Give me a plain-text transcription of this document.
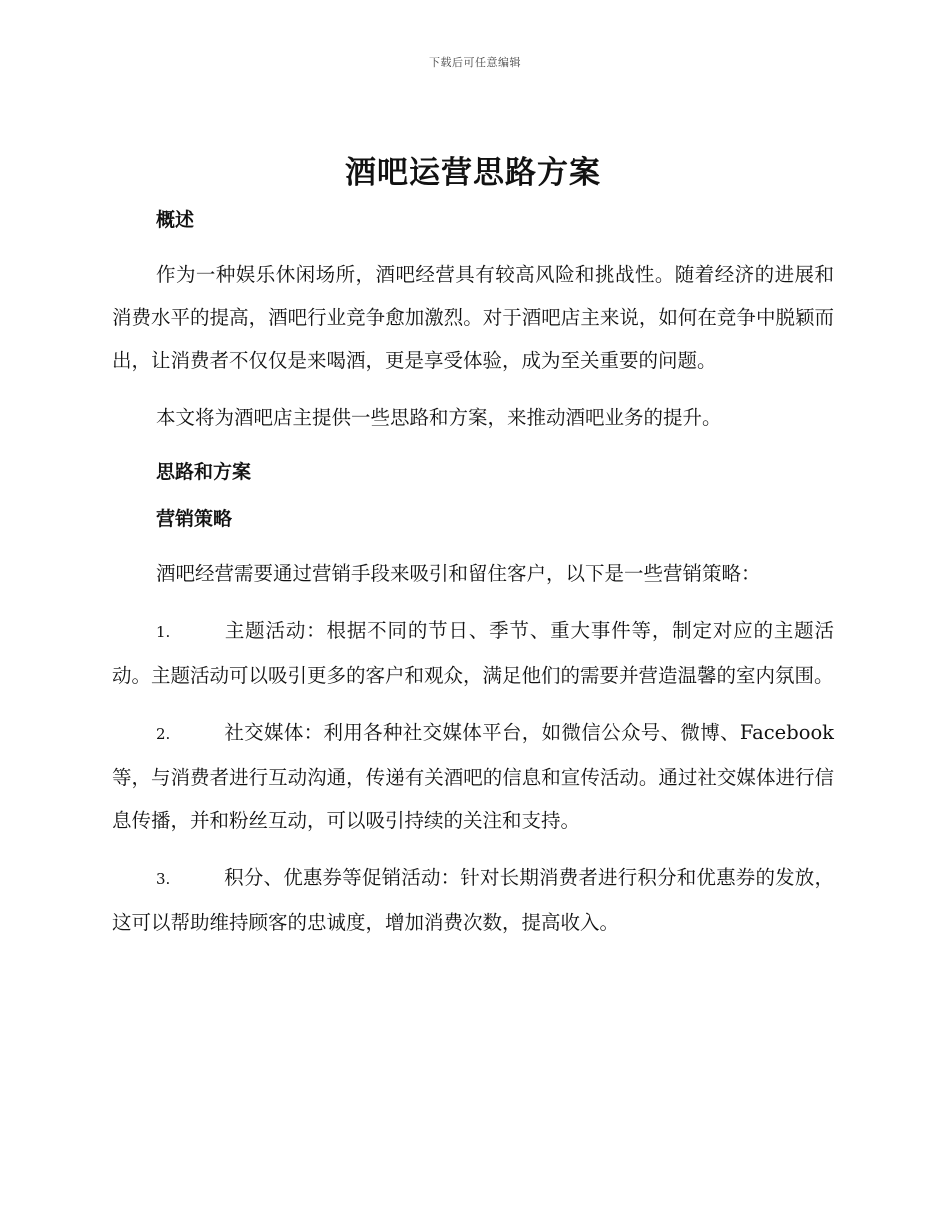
下载后可任意编辑
酒吧运营思路方案
概述

作为一种娱乐休闲场所，酒吧经营具有较高风险和挑战性。随着经济的进展和消费水平的提高，酒吧行业竞争愈加激烈。对于酒吧店主来说，如何在竞争中脱颖而出，让消费者不仅仅是来喝酒，更是享受体验，成为至关重要的问题。

本文将为酒吧店主提供一些思路和方案，来推动酒吧业务的提升。

思路和方案
营销策略

酒吧经营需要通过营销手段来吸引和留住客户，以下是一些营销策略：

1.	主题活动：根据不同的节日、季节、重大事件等，制定对应的主题活动。主题活动可以吸引更多的客户和观众，满足他们的需要并营造温馨的室内氛围。

2.	社交媒体：利用各种社交媒体平台，如微信公众号、微博、Facebook等，与消费者进行互动沟通，传递有关酒吧的信息和宣传活动。通过社交媒体进行信息传播，并和粉丝互动，可以吸引持续的关注和支持。

3.	积分、优惠券等促销活动：针对长期消费者进行积分和优惠券的发放，这可以帮助维持顾客的忠诚度，增加消费次数，提高收入。
